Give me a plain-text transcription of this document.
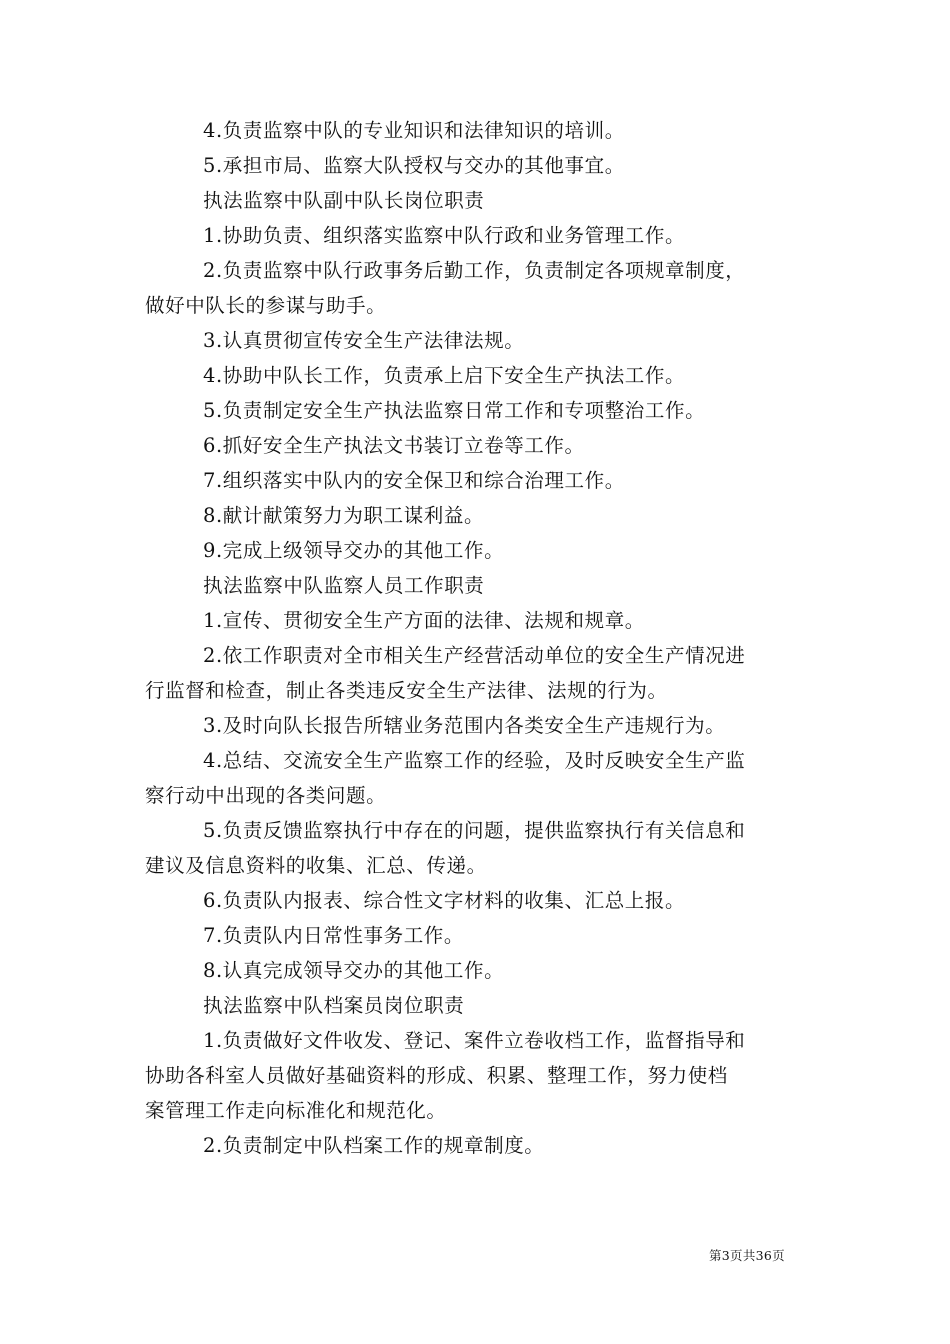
4.负责监察中队的专业知识和法律知识的培训。
5.承担市局、监察大队授权与交办的其他事宜。
执法监察中队副中队长岗位职责
1.协助负责、组织落实监察中队行政和业务管理工作。
2.负责监察中队行政事务后勤工作，负责制定各项规章制度，
做好中队长的参谋与助手。
3.认真贯彻宣传安全生产法律法规。
4.协助中队长工作，负责承上启下安全生产执法工作。
5.负责制定安全生产执法监察日常工作和专项整治工作。
6.抓好安全生产执法文书装订立卷等工作。
7.组织落实中队内的安全保卫和综合治理工作。
8.献计献策努力为职工谋利益。
9.完成上级领导交办的其他工作。
执法监察中队监察人员工作职责
1.宣传、贯彻安全生产方面的法律、法规和规章。
2.依工作职责对全市相关生产经营活动单位的安全生产情况进
行监督和检查，制止各类违反安全生产法律、法规的行为。
3.及时向队长报告所辖业务范围内各类安全生产违规行为。
4.总结、交流安全生产监察工作的经验，及时反映安全生产监
察行动中出现的各类问题。
5.负责反馈监察执行中存在的问题，提供监察执行有关信息和
建议及信息资料的收集、汇总、传递。
6.负责队内报表、综合性文字材料的收集、汇总上报。
7.负责队内日常性事务工作。
8.认真完成领导交办的其他工作。
执法监察中队档案员岗位职责
1.负责做好文件收发、登记、案件立卷收档工作，监督指导和
协助各科室人员做好基础资料的形成、积累、整理工作，努力使档
案管理工作走向标准化和规范化。
2.负责制定中队档案工作的规章制度。
第3页共36页
